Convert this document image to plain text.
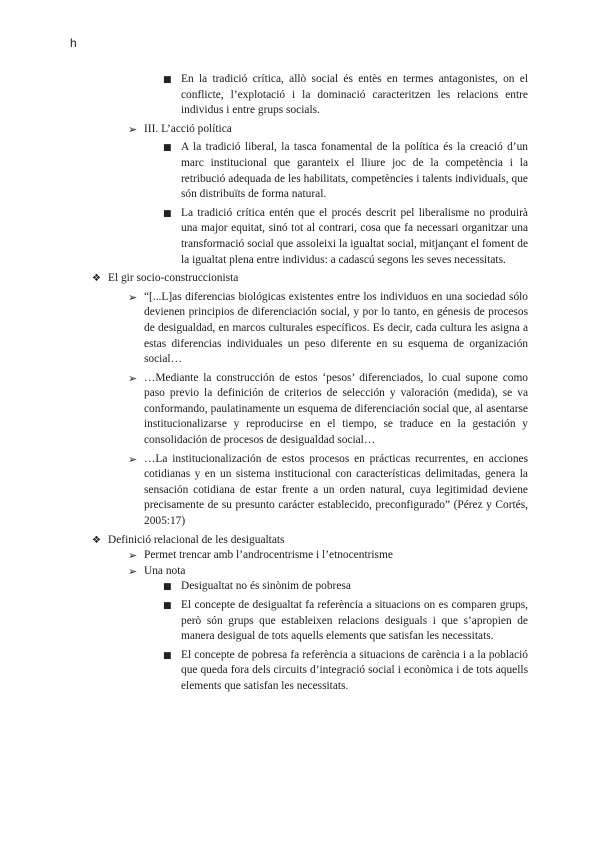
h
■ En la tradició crítica, allò social és entès en termes antagonistes, on el conflicte, l’explotació i la dominació caracteritzen les relacions entre individus i entre grups socials.
➢ III. L’acció política
■ A la tradició liberal, la tasca fonamental de la política és la creació d’un marc institucional que garanteix el lliure joc de la competència i la retribució adequada de les habilitats, competències i talents individuals, que són distribuïts de forma natural.
■ La tradició crítica entén que el procés descrit pel liberalisme no produirà una major equitat, sinó tot al contrari, cosa que fa necessari organitzar una transformació social que assoleixi la igualtat social, mitjançant el foment de la igualtat plena entre individus: a cadascú segons les seves necessitats.
❖ El gir socio-construccionista
➢ “[...L]as diferencias biológicas existentes entre los individuos en una sociedad sólo devienen principios de diferenciación social, y por lo tanto, en génesis de procesos de desigualdad, en marcos culturales específicos. Es decir, cada cultura les asigna a estas diferencias individuales un peso diferente en su esquema de organización social…
➢ …Mediante la construcción de estos ‘pesos’ diferenciados, lo cual supone como paso previo la definición de criterios de selección y valoración (medida), se va conformando, paulatinamente un esquema de diferenciación social que, al asentarse institucionalizarse y reproducirse en el tiempo, se traduce en la gestación y consolidación de procesos de desigualdad social…
➢ …La institucionalización de estos procesos en prácticas recurrentes, en acciones cotidianas y en un sistema institucional con características delimitadas, genera la sensación cotidiana de estar frente a un orden natural, cuya legitimidad deviene precisamente de su presunto carácter establecido, preconfigurado” (Pérez y Cortés, 2005:17)
❖ Definició relacional de les desigualtats
➢ Permet trencar amb l’androcentrisme i l’etnocentrisme
➢ Una nota
■ Desigualtat no és sinònim de pobresa
■ El concepte de desigualtat fa referència a situacions on es comparen grups, però són grups que estableixen relacions desiguals i que s’apropien de manera desigual de tots aquells elements que satisfan les necessitats.
■ El concepte de pobresa fa referència a situacions de carència i a la població que queda fora dels circuits d’integració social i econòmica i de tots aquells elements que satisfan les necessitats.
